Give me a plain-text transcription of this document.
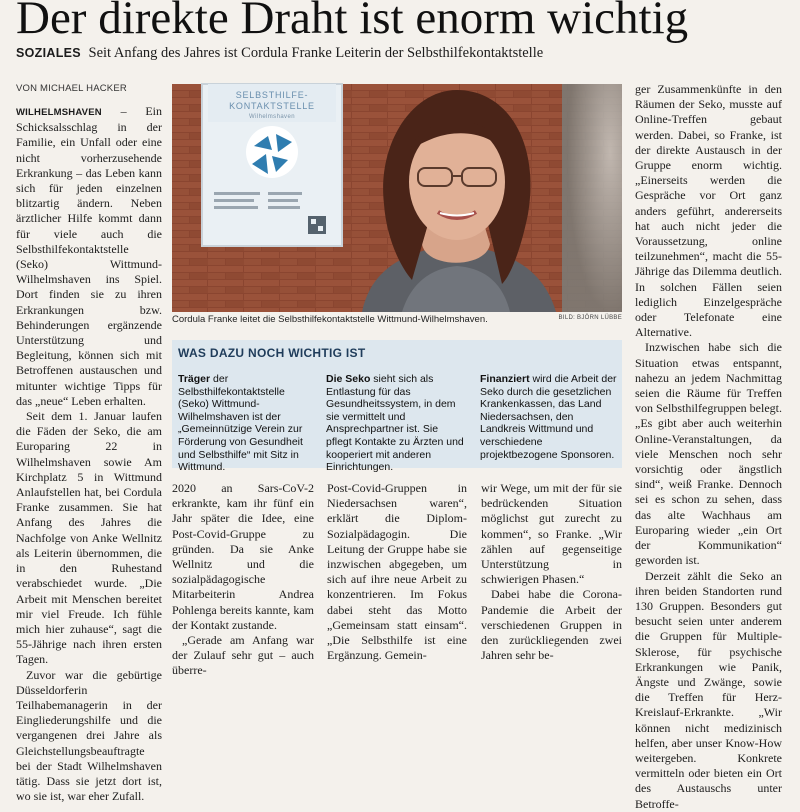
Der direkte Draht ist enorm wichtig
SOZIALES Seit Anfang des Jahres ist Cordula Franke Leiterin der Selbsthilfekontaktstelle
VON MICHAEL HACKER

WILHELMSHAVEN – Ein Schicksalsschlag in der Familie, ein Unfall oder eine nicht vorherzusehende Erkrankung – das Leben kann sich für jeden einzelnen blitzartig ändern. Neben ärztlicher Hilfe kommt dann für viele auch die Selbsthilfekontaktstelle (Seko) Wittmund-Wilhelmshaven ins Spiel. Dort finden sie zu ihren Erkrankungen bzw. Behinderungen ergänzende Unterstützung und Begleitung, können sich mit Betroffenen austauschen und mitunter wichtige Tipps für das „neue“ Leben erhalten.

Seit dem 1. Januar laufen die Fäden der Seko, die am Europaring 22 in Wilhelmshaven sowie Am Kirchplatz 5 in Wittmund Anlaufstellen hat, bei Cordula Franke zusammen. Sie hat Anfang des Jahres die Nachfolge von Anke Wellnitz als Leiterin übernommen, die in den Ruhestand verabschiedet wurde. „Die Arbeit mit Menschen bereitet mir viel Freude. Ich fühle mich hier zuhause“, sagt die 55-Jährige nach ihren ersten Tagen.

Zuvor war die gebürtige Düsseldorferin Teilhabemanagerin in der Eingliederungshilfe und die vergangenen drei Jahre als Gleichstellungsbeauftragte bei der Stadt Wilhelmshaven tätig. Dass sie jetzt dort ist, wo sie ist, war eher Zufall.

SELBSTHILFE-
KONTAKTSTELLE
Wilhelmshaven
Cordula Franke leitet die Selbsthilfekontaktstelle Wittmund-Wilhelmshaven.	BILD: BJÖRN LÜBBE
WAS DAZU NOCH WICHTIG IST
Träger der Selbsthilfekontaktstelle (Seko) Wittmund-Wilhelmshaven ist der „Gemeinnützige Verein zur Förderung von Gesundheit und Selbsthilfe“ mit Sitz in Wittmund.
Die Seko sieht sich als Entlastung für das Gesundheitssystem, in dem sie vermittelt und Ansprechpartner ist. Sie pflegt Kontakte zu Ärzten und kooperiert mit anderen Einrichtungen.
Finanziert wird die Arbeit der Seko durch die gesetzlichen Krankenkassen, das Land Niedersachsen, den Landkreis Wittmund und verschiedene projektbezogene Sponsoren.

2020 an Sars-CoV-2 erkrankte, kam ihr fünf ein Jahr später die Idee, eine Post-Covid-Gruppe zu gründen. Da sie Anke Wellnitz und die sozialpädagogische Mitarbeiterin Andrea Pohlenga bereits kannte, kam der Kontakt zustande.

„Gerade am Anfang war der Zulauf sehr gut – auch überre-

Post-Covid-Gruppen in Niedersachsen waren“, erklärt die Diplom-Sozialpädagogin. Die Leitung der Gruppe habe sie inzwischen abgegeben, um sich auf ihre neue Arbeit zu konzentrieren. Im Fokus dabei steht das Motto „Gemeinsam statt einsam“. „Die Selbsthilfe ist eine Ergänzung. Gemein-

wir Wege, um mit der für sie bedrückenden Situation möglichst gut zurecht zu kommen“, so Franke. „Wir zählen auf gegenseitige Unterstützung in schwierigen Phasen.“

Dabei habe die Corona-Pandemie die Arbeit der verschiedenen Gruppen in den zurückliegenden zwei Jahren sehr be-

ger Zusammenkünfte in den Räumen der Seko, musste auf Online-Treffen gebaut werden. Dabei, so Franke, ist der direkte Austausch in der Gruppe enorm wichtig. „Einerseits werden die Gespräche vor Ort ganz anders geführt, andererseits hat auch nicht jeder die Voraussetzung, online teilzunehmen“, macht die 55-Jährige das Dilemma deutlich. In solchen Fällen seien lediglich Einzelgespräche oder Telefonate eine Alternative.

Inzwischen habe sich die Situation etwas entspannt, nahezu an jedem Nachmittag seien die Räume für Treffen von Selbsthilfegruppen belegt. „Es gibt aber auch weiterhin Online-Veranstaltungen, da viele Menschen noch sehr vorsichtig oder ängstlich sind“, weiß Franke. Dennoch sei es schon zu sehen, dass das alte Wachhaus am Europaring wieder „ein Ort der Kommunikation“ geworden ist.

Derzeit zählt die Seko an ihren beiden Standorten rund 130 Gruppen. Besonders gut besucht seien unter anderem die Gruppen für Multiple-Sklerose, für psychische Erkrankungen wie Panik, Ängste und Zwänge, sowie die Treffen für Herz-Kreislauf-Erkrankte. „Wir können nicht medizinisch helfen, aber unser Know-How weitergeben. Konkrete vermitteln oder bieten ein Ort des Austauschs unter Betroffe-
